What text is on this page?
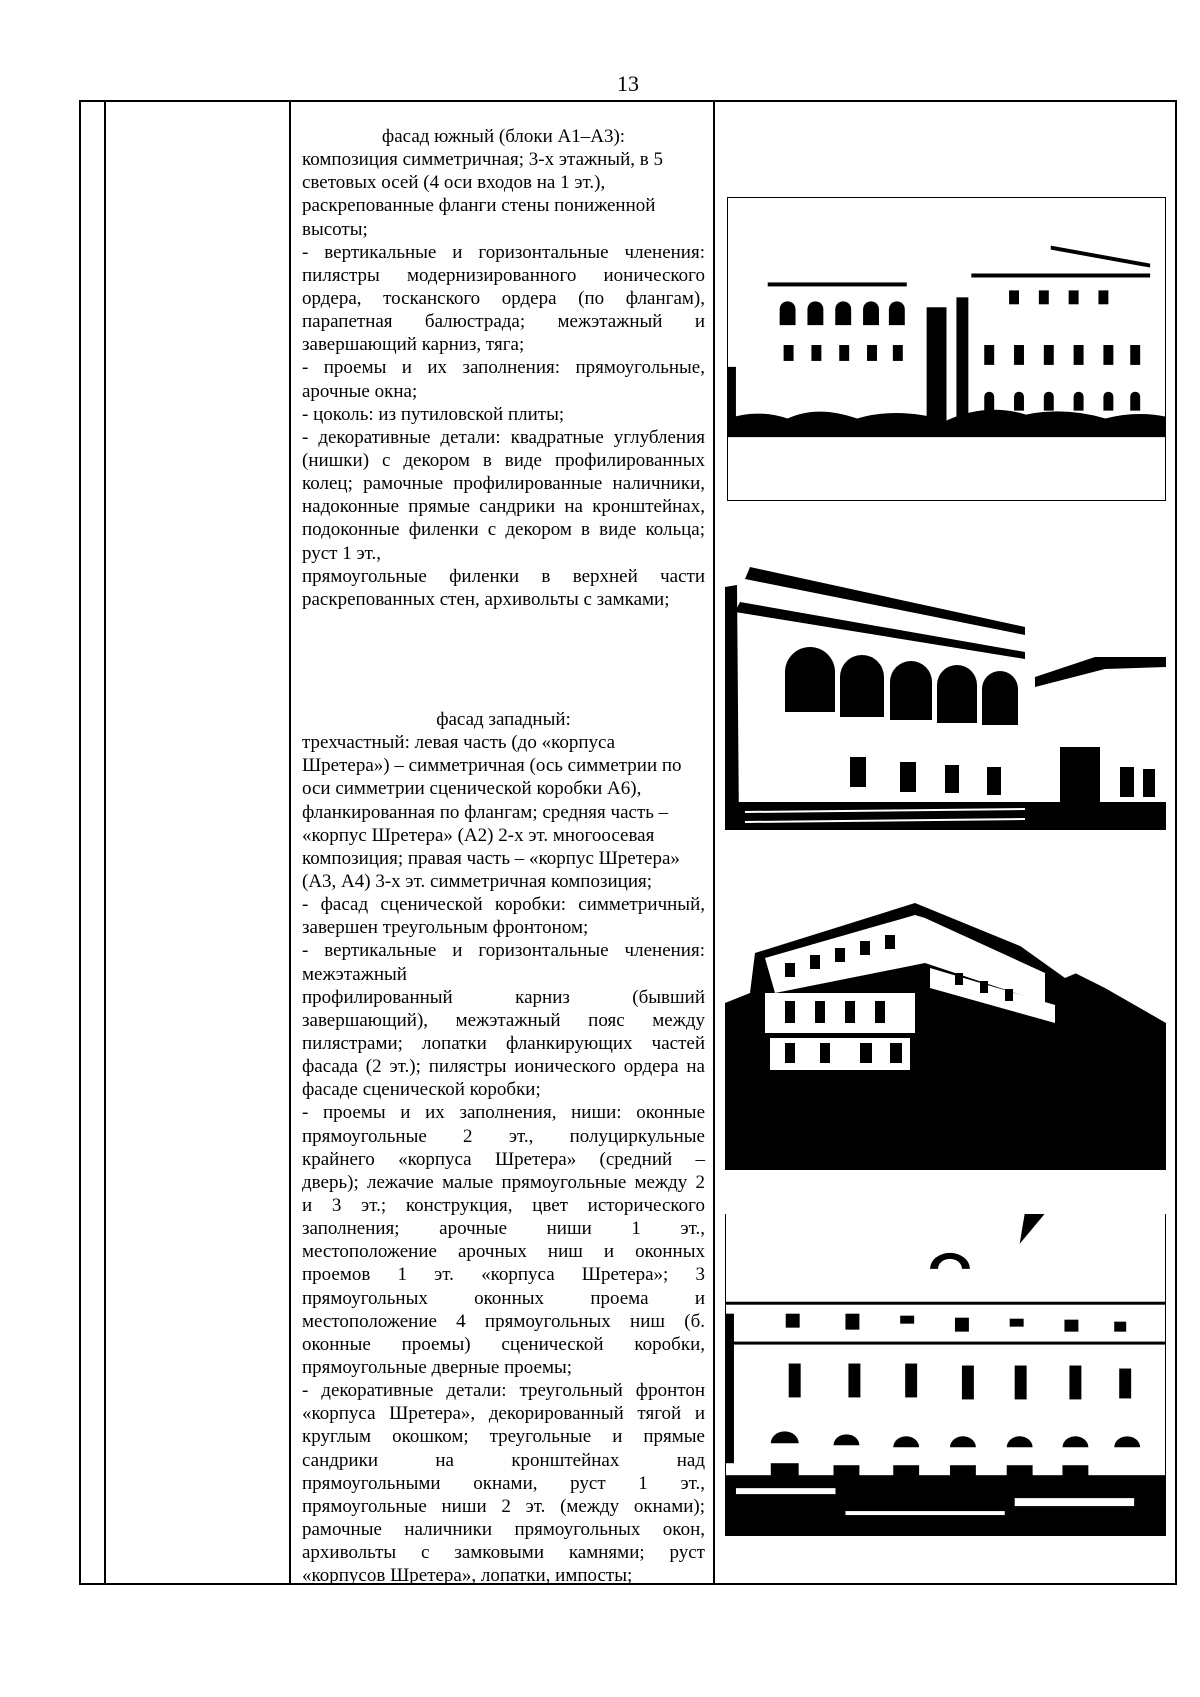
13
фасад южный (блоки А1–А3):
композиция симметричная; 3-х этажный, в 5
световых осей (4 оси входов на 1 эт.),
раскрепованные фланги стены пониженной
высоты;
- вертикальные и горизонтальные членения:
пилястры модернизированного ионического
ордера, тосканского ордера (по флангам),
парапетная балюстрада; межэтажный и
завершающий карниз, тяга;
- проемы и их заполнения: прямоугольные,
арочные окна;
- цоколь: из путиловской плиты;
- декоративные детали: квадратные углубления
(нишки) с декором в виде профилированных
колец; рамочные профилированные наличники,
надоконные прямые сандрики на кронштейнах,
подоконные филенки с декором в виде кольца;
руст 1 эт.,
прямоугольные филенки в верхней части
раскрепованных стен, архивольты с замками;
фасад западный:
трехчастный: левая часть (до «корпуса
Шретера») – симметричная (ось симметрии по
оси симметрии сценической коробки А6),
фланкированная по флангам; средняя часть –
«корпус Шретера» (А2) 2-х эт. многоосевая
композиция; правая часть – «корпус Шретера»
(А3, А4) 3-х эт. симметричная композиция;
- фасад сценической коробки: симметричный,
завершен треугольным фронтоном;
- вертикальные и горизонтальные членения:
межэтажный
профилированный карниз (бывший
завершающий), межэтажный пояс между
пилястрами; лопатки фланкирующих частей
фасада (2 эт.); пилястры ионического ордера на
фасаде сценической коробки;
- проемы и их заполнения, ниши: оконные
прямоугольные 2 эт., полуциркульные
крайнего «корпуса Шретера» (средний –
дверь); лежачие малые прямоугольные между 2
и 3 эт.; конструкция, цвет исторического
заполнения; арочные ниши 1 эт.,
местоположение арочных ниш и оконных
проемов 1 эт. «корпуса Шретера»; 3
прямоугольных оконных проема и
местоположение 4 прямоугольных ниш (б.
оконные проемы) сценической коробки,
прямоугольные дверные проемы;
- декоративные детали: треугольный фронтон
«корпуса Шретера», декорированный тягой и
круглым окошком; треугольные и прямые
сандрики на кронштейнах над
прямоугольными окнами, руст 1 эт.,
прямоугольные ниши 2 эт. (между окнами);
рамочные наличники прямоугольных окон,
архивольты с замковыми камнями; руст
«корпусов Шретера», лопатки, импосты;
